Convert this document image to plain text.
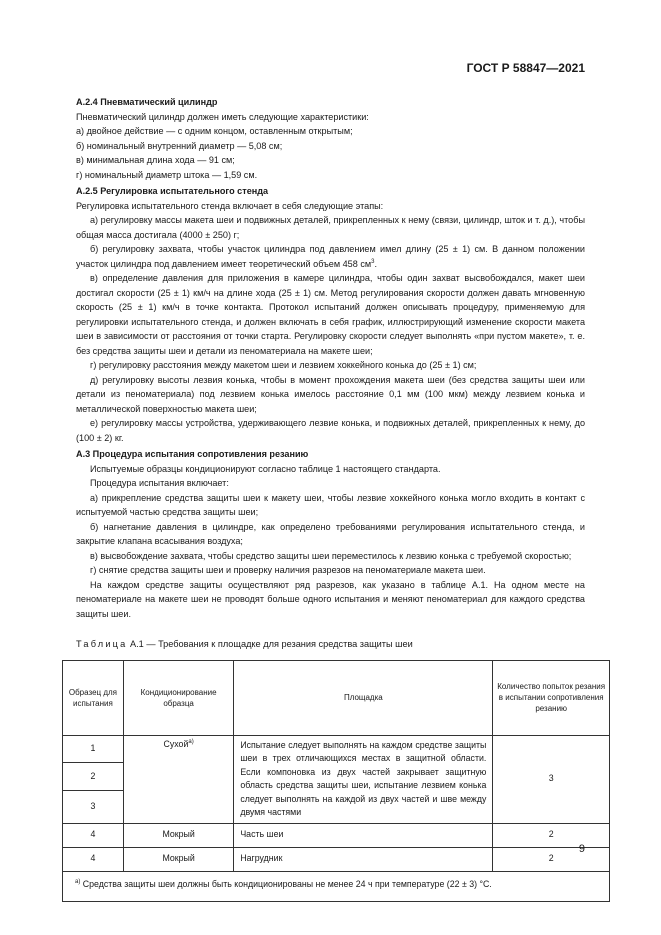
ГОСТ Р 58847—2021

А.2.4 Пневматический цилиндр

Пневматический цилиндр должен иметь следующие характеристики:

а) двойное действие — с одним концом, оставленным открытым;

б) номинальный внутренний диаметр — 5,08 см;

в) минимальная длина хода — 91 см;

г) номинальный диаметр штока — 1,59 см.

А.2.5 Регулировка испытательного стенда

Регулировка испытательного стенда включает в себя следующие этапы:

а) регулировку массы макета шеи и подвижных деталей, прикрепленных к нему (связи, цилиндр, шток и т. д.), чтобы общая масса достигала (4000 ± 250) г;

б) регулировку захвата, чтобы участок цилиндра под давлением имел длину (25 ± 1) см. В данном положении участок цилиндра под давлением имеет теоретический объем 458 $см^3$.

в) определение давления для приложения в камере цилиндра, чтобы один захват высвобождался, макет шеи достигал скорости (25 ± 1) км/ч на длине хода (25 ± 1) см. Метод регулирования скорости должен давать мгновенную скорость (25 ± 1) км/ч в точке контакта. Протокол испытаний должен описывать процедуру, применяемую для регулировки испытательного стенда, и должен включать в себя график, иллюстрирующий изменение скорости макета шеи в зависимости от расстояния от точки старта. Регулировку скорости следует выполнять «при пустом макете», т. е. без средства защиты шеи и детали из пеноматериала на макете шеи;

г) регулировку расстояния между макетом шеи и лезвием хоккейного конька до (25 ± 1) см;

д) регулировку высоты лезвия конька, чтобы в момент прохождения макета шеи (без средства защиты шеи или детали из пеноматериала) под лезвием конька имелось расстояние 0,1 мм (100 мкм) между лезвием конька и металлической поверхностью макета шеи;

е) регулировку массы устройства, удерживающего лезвие конька, и подвижных деталей, прикрепленных к нему, до (100 ± 2) кг.

А.3 Процедура испытания сопротивления резанию

Испытуемые образцы кондиционируют согласно таблице 1 настоящего стандарта.

Процедура испытания включает:

а) прикрепление средства защиты шеи к макету шеи, чтобы лезвие хоккейного конька могло входить в контакт с испытуемой частью средства защиты шеи;

б) нагнетание давления в цилиндре, как определено требованиями регулирования испытательного стенда, и закрытие клапана всасывания воздуха;

в) высвобождение захвата, чтобы средство защиты шеи переместилось к лезвию конька с требуемой скоростью;

г) снятие средства защиты шеи и проверку наличия разрезов на пеноматериале макета шеи.

На каждом средстве защиты осуществляют ряд разрезов, как указано в таблице А.1. На одном месте на пеноматериале на макете шеи не проводят больше одного испытания и меняют пеноматериал для каждого средства защиты шеи.

Таблица А.1 — Требования к площадке для резания средства защиты шеи

Образец для испытания	Кондиционирование образца	Площадка	Количество попыток резания в испытании сопротивления резанию
1	Сухой$^{а)}$	Испытание следует выполнять на каждом средстве защиты шеи в трех отличающихся местах в защитной области. Если компоновка из двух частей закрывает защитную область средства защиты шеи, испытание лезвием конька следует выполнять на каждой из двух частей и шве между двумя частями	3
2			
3			
4	Мокрый	Часть шеи	2
4	Мокрый	Нагрудник	2
$^{а)}$ Средства защиты шеи должны быть кондиционированы не менее 24 ч при температуре (22 ± 3) °С.			
9
